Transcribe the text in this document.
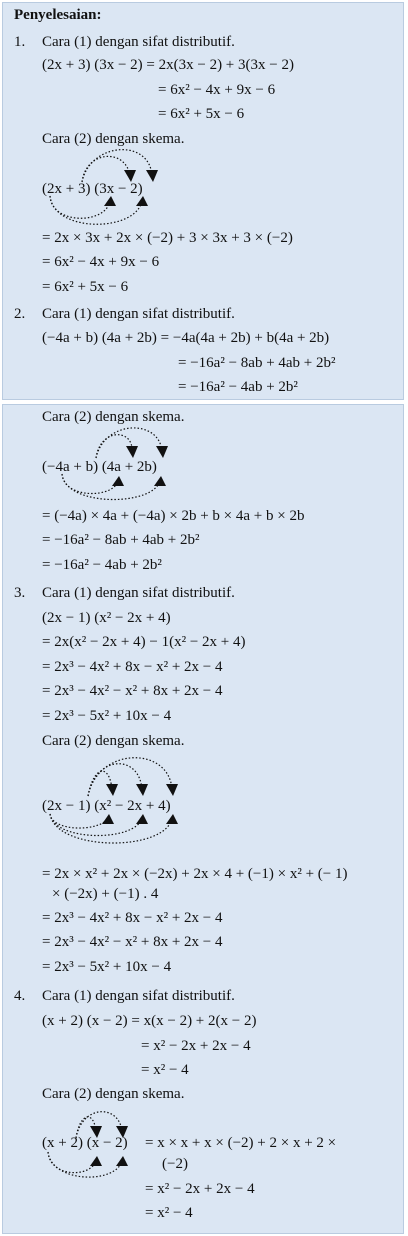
Penyelesaian:
1. Cara (1) dengan sifat distributif.
(2x + 3) (3x − 2) = 2x(3x − 2) + 3(3x − 2)
= 6x² − 4x + 9x − 6
= 6x² + 5x − 6
Cara (2) dengan skema.
(2x + 3) (3x − 2)
= 2x × 3x + 2x × (−2) + 3 × 3x + 3 × (−2)
= 6x² − 4x + 9x − 6
= 6x² + 5x − 6
2. Cara (1) dengan sifat distributif.
(−4a + b) (4a + 2b) = −4a(4a + 2b) + b(4a + 2b)
= −16a² − 8ab + 4ab + 2b²
= −16a² − 4ab + 2b²
Cara (2) dengan skema.
(−4a + b) (4a + 2b)
= (−4a) × 4a + (−4a) × 2b + b × 4a + b × 2b
= −16a² − 8ab + 4ab + 2b²
= −16a² − 4ab + 2b²
3. Cara (1) dengan sifat distributif.
(2x − 1) (x² − 2x + 4)
= 2x(x² − 2x + 4) − 1(x² − 2x + 4)
= 2x³ − 4x² + 8x − x² + 2x − 4
= 2x³ − 4x² − x² + 8x + 2x − 4
= 2x³ − 5x² + 10x − 4
Cara (2) dengan skema.
(2x − 1) (x² − 2x + 4)
= 2x × x² + 2x × (−2x) + 2x × 4 + (−1) × x² + (− 1)
× (−2x) + (−1) . 4
= 2x³ − 4x² + 8x − x² + 2x − 4
= 2x³ − 4x² − x² + 8x + 2x − 4
= 2x³ − 5x² + 10x − 4
4. Cara (1) dengan sifat distributif.
(x + 2) (x − 2) = x(x − 2) + 2(x − 2)
= x² − 2x + 2x − 4
= x² − 4
Cara (2) dengan skema.
(x + 2) (x − 2) = x × x + x × (−2) + 2 × x + 2 ×
(−2)
= x² − 2x + 2x − 4
= x² − 4
